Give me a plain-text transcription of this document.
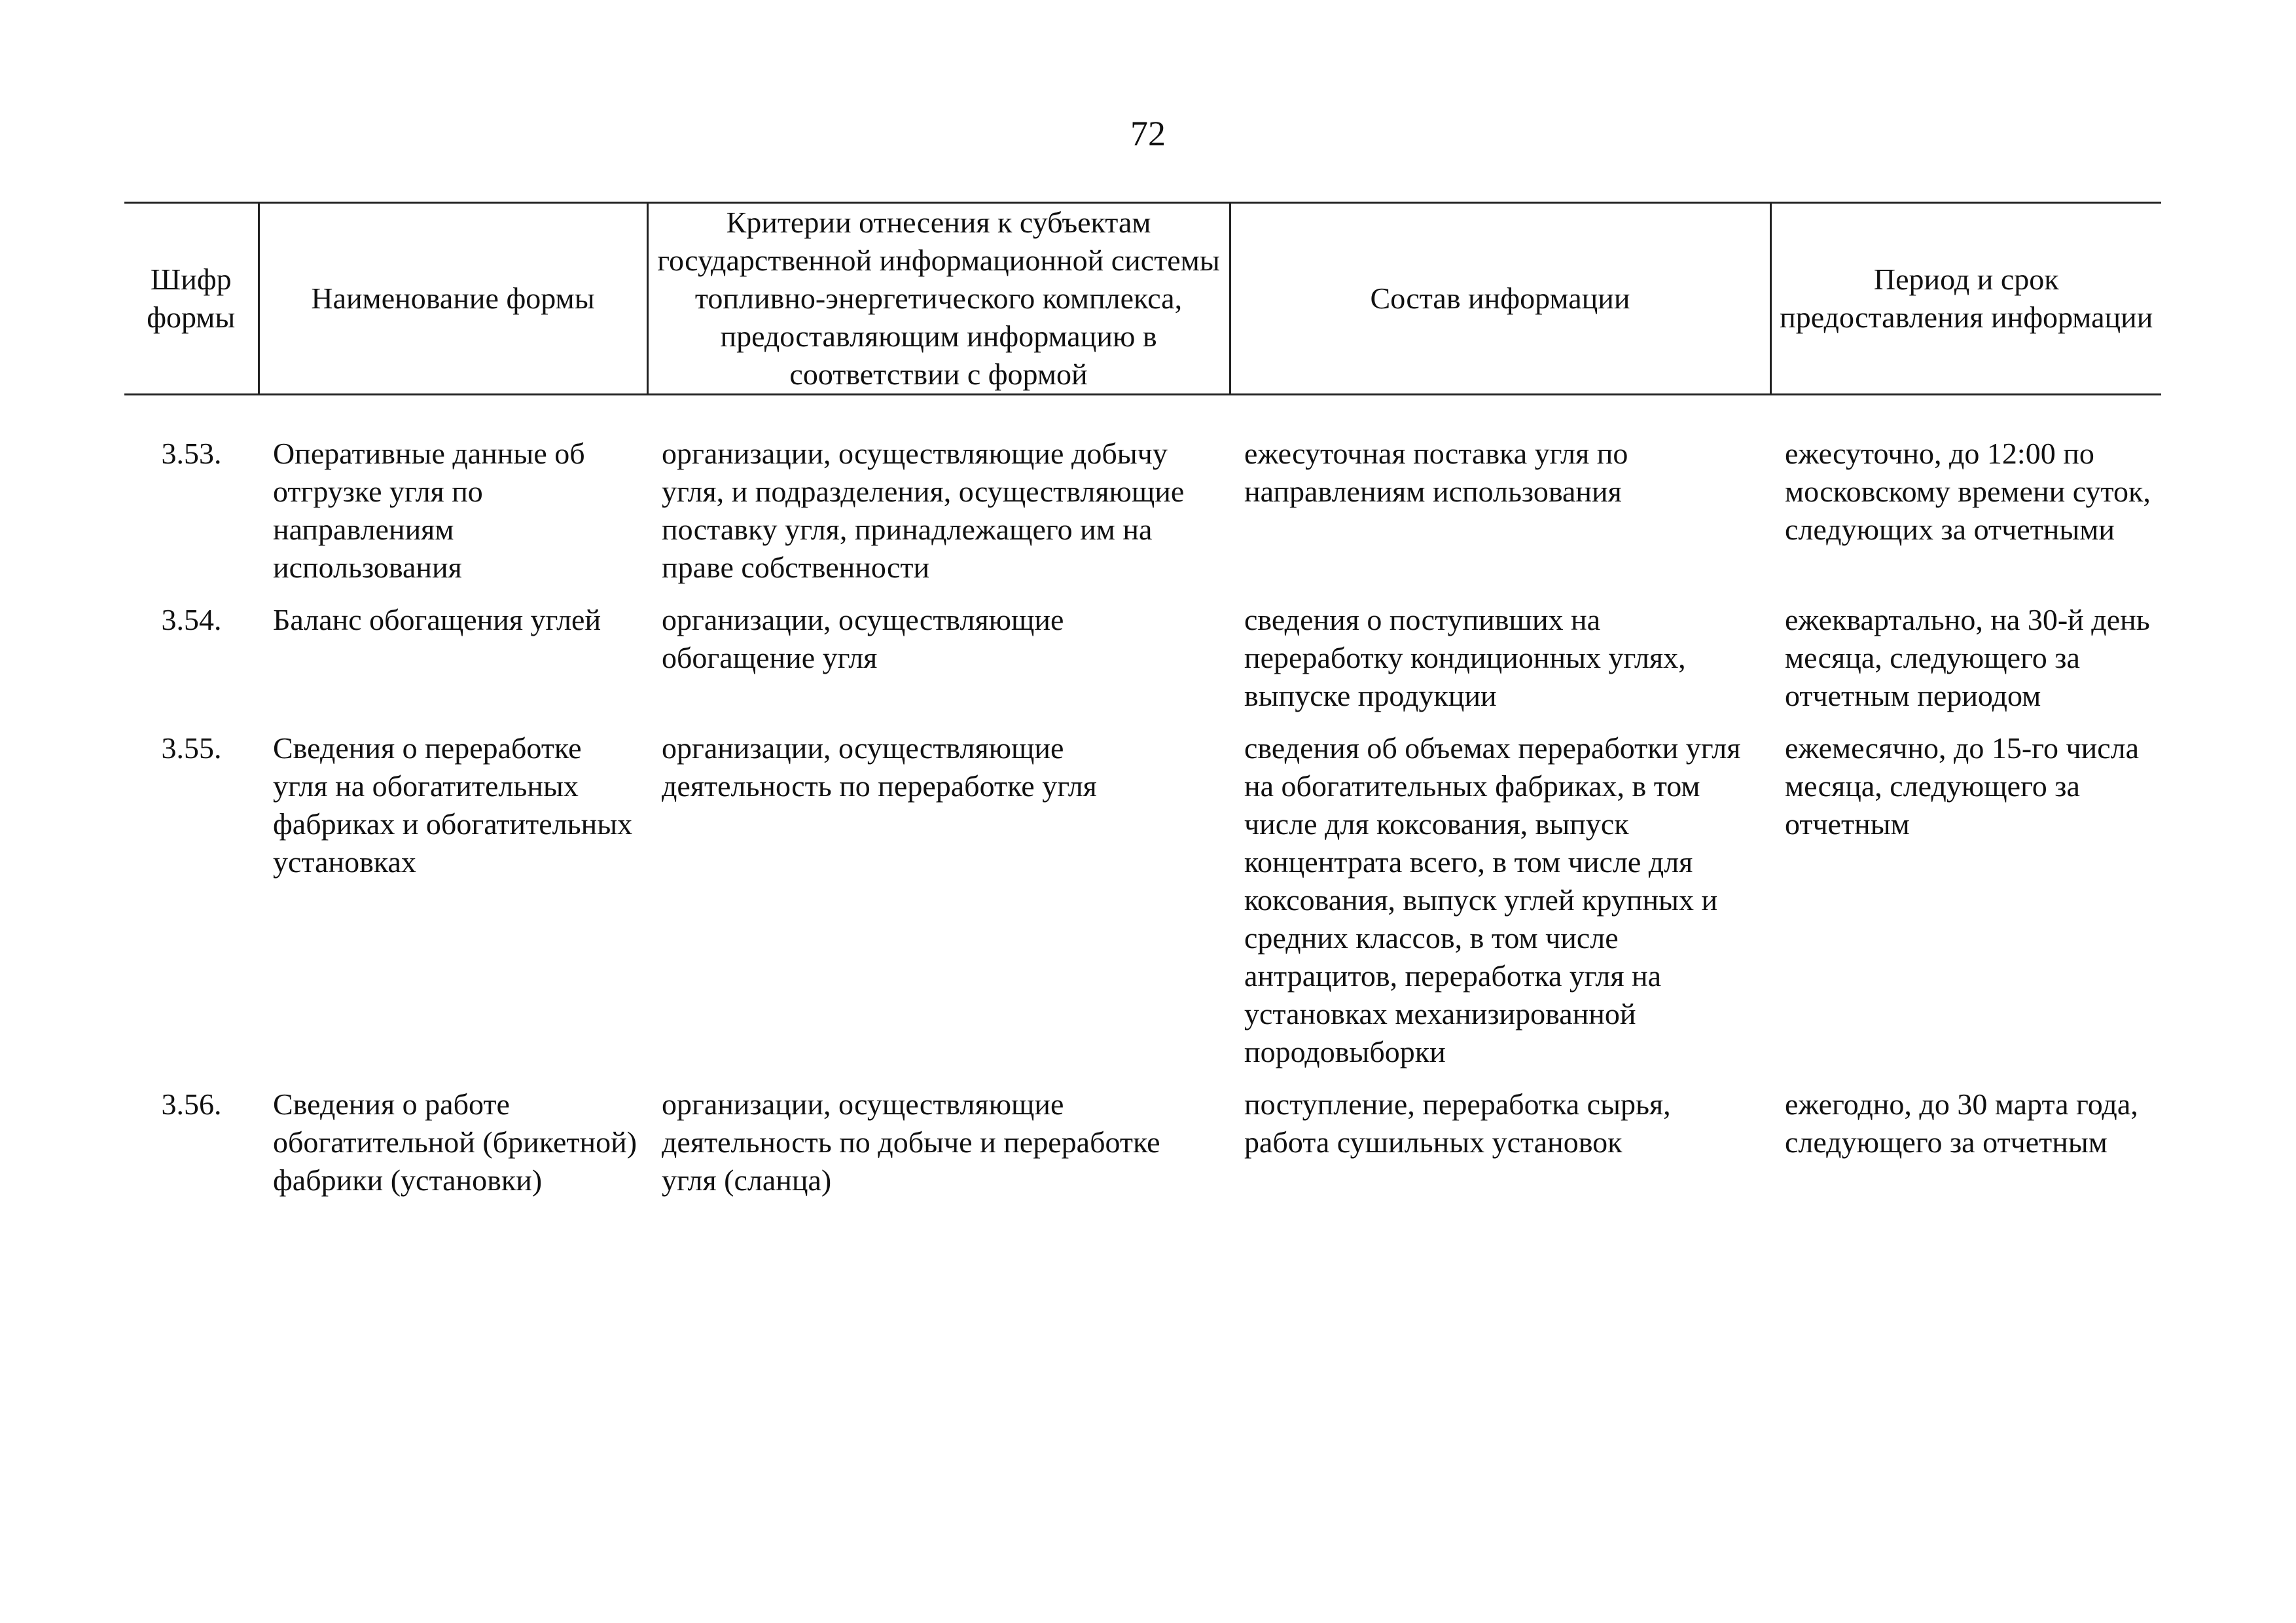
72
Шифр формы	Наименование формы	Критерии отнесения к субъектам государственной информационной системы топливно-энергетического комплекса, предоставляющим информацию в соответствии с формой	Состав информации	Период и срок предоставления информации
3.53.	Оперативные данные об отгрузке угля по направлениям использования	организации, осуществляющие добычу угля, и подразделения, осуществляющие поставку угля, принадлежащего им на праве собственности	ежесуточная поставка угля по направлениям использования	ежесуточно, до 12:00 по московскому времени суток, следующих за отчетными
3.54.	Баланс обогащения углей	организации, осуществляющие обогащение угля	сведения о поступивших на переработку кондиционных углях, выпуске продукции	ежеквартально, на 30-й день месяца, следующего за отчетным периодом
3.55.	Сведения о переработке угля на обогатительных фабриках и обогатительных установках	организации, осуществляющие деятельность по переработке угля	сведения об объемах переработки угля на обогатительных фабриках, в том числе для коксования, выпуск концентрата всего, в том числе для коксования, выпуск углей крупных и средних классов, в том числе антрацитов, переработка угля на установках механизированной породовыборки	ежемесячно, до 15-го числа месяца, следующего за отчетным
3.56.	Сведения о работе обогатительной (брикетной) фабрики (установки)	организации, осуществляющие деятельность по добыче и переработке угля (сланца)	поступление, переработка сырья, работа сушильных установок	ежегодно, до 30 марта года, следующего за отчетным
